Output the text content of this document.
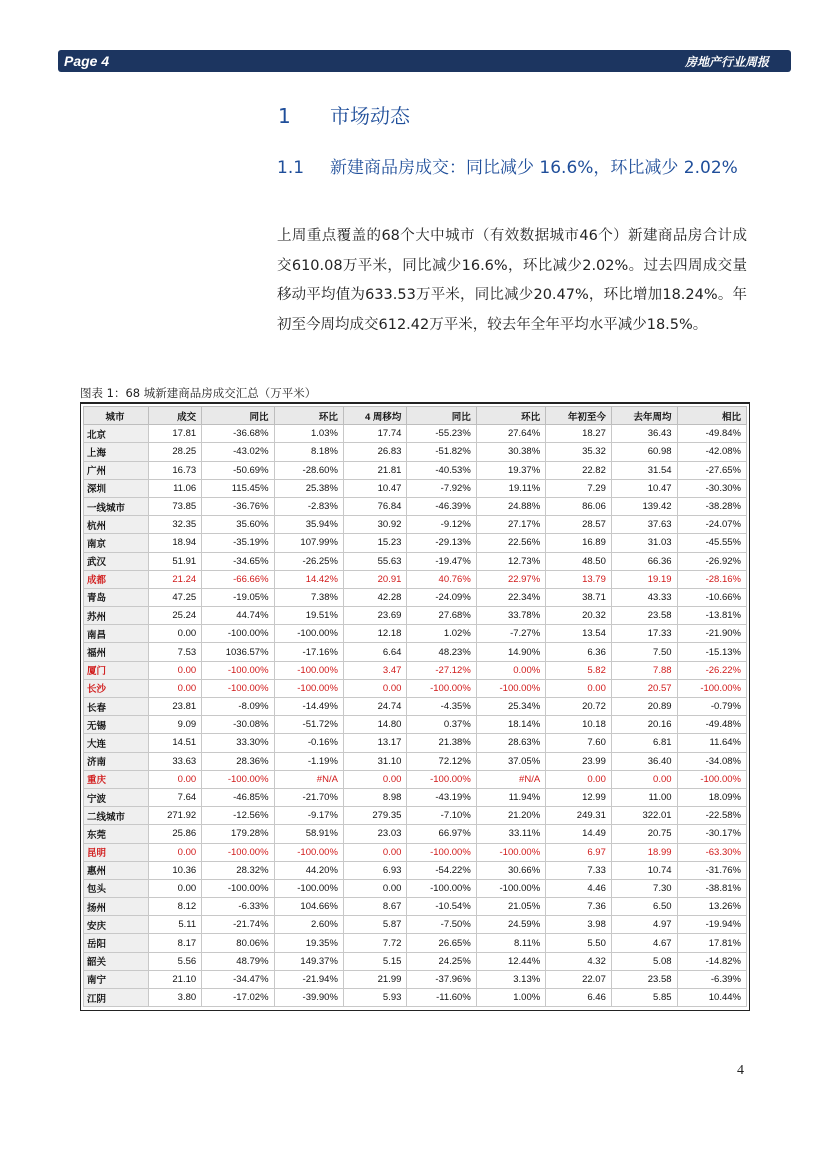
Page 4	房地产行业周报
1 市场动态
1.1 新建商品房成交：同比减少 16.6%，环比减少 2.02%
上周重点覆盖的68个大中城市（有效数据城市46个）新建商品房合计成交610.08万平米，同比减少16.6%，环比减少2.02%。过去四周成交量移动平均值为633.53万平米，同比减少20.47%，环比增加18.24%。年初至今周均成交612.42万平米，较去年全年平均水平减少18.5%。
图表 1：68 城新建商品房成交汇总（万平米）
城市	成交	同比	环比	4 周移均	同比	环比	年初至今	去年周均	相比
北京	17.81	-36.68%	1.03%	17.74	-55.23%	27.64%	18.27	36.43	-49.84%
上海	28.25	-43.02%	8.18%	26.83	-51.82%	30.38%	35.32	60.98	-42.08%
广州	16.73	-50.69%	-28.60%	21.81	-40.53%	19.37%	22.82	31.54	-27.65%
深圳	11.06	115.45%	25.38%	10.47	-7.92%	19.11%	7.29	10.47	-30.30%
一线城市	73.85	-36.76%	-2.83%	76.84	-46.39%	24.88%	86.06	139.42	-38.28%
杭州	32.35	35.60%	35.94%	30.92	-9.12%	27.17%	28.57	37.63	-24.07%
南京	18.94	-35.19%	107.99%	15.23	-29.13%	22.56%	16.89	31.03	-45.55%
武汉	51.91	-34.65%	-26.25%	55.63	-19.47%	12.73%	48.50	66.36	-26.92%
成都	21.24	-66.66%	14.42%	20.91	40.76%	22.97%	13.79	19.19	-28.16%
青岛	47.25	-19.05%	7.38%	42.28	-24.09%	22.34%	38.71	43.33	-10.66%
苏州	25.24	44.74%	19.51%	23.69	27.68%	33.78%	20.32	23.58	-13.81%
南昌	0.00	-100.00%	-100.00%	12.18	1.02%	-7.27%	13.54	17.33	-21.90%
福州	7.53	1036.57%	-17.16%	6.64	48.23%	14.90%	6.36	7.50	-15.13%
厦门	0.00	-100.00%	-100.00%	3.47	-27.12%	0.00%	5.82	7.88	-26.22%
长沙	0.00	-100.00%	-100.00%	0.00	-100.00%	-100.00%	0.00	20.57	-100.00%
长春	23.81	-8.09%	-14.49%	24.74	-4.35%	25.34%	20.72	20.89	-0.79%
无锡	9.09	-30.08%	-51.72%	14.80	0.37%	18.14%	10.18	20.16	-49.48%
大连	14.51	33.30%	-0.16%	13.17	21.38%	28.63%	7.60	6.81	11.64%
济南	33.63	28.36%	-1.19%	31.10	72.12%	37.05%	23.99	36.40	-34.08%
重庆	0.00	-100.00%	#N/A	0.00	-100.00%	#N/A	0.00	0.00	-100.00%
宁波	7.64	-46.85%	-21.70%	8.98	-43.19%	11.94%	12.99	11.00	18.09%
二线城市	271.92	-12.56%	-9.17%	279.35	-7.10%	21.20%	249.31	322.01	-22.58%
东莞	25.86	179.28%	58.91%	23.03	66.97%	33.11%	14.49	20.75	-30.17%
昆明	0.00	-100.00%	-100.00%	0.00	-100.00%	-100.00%	6.97	18.99	-63.30%
惠州	10.36	28.32%	44.20%	6.93	-54.22%	30.66%	7.33	10.74	-31.76%
包头	0.00	-100.00%	-100.00%	0.00	-100.00%	-100.00%	4.46	7.30	-38.81%
扬州	8.12	-6.33%	104.66%	8.67	-10.54%	21.05%	7.36	6.50	13.26%
安庆	5.11	-21.74%	2.60%	5.87	-7.50%	24.59%	3.98	4.97	-19.94%
岳阳	8.17	80.06%	19.35%	7.72	26.65%	8.11%	5.50	4.67	17.81%
韶关	5.56	48.79%	149.37%	5.15	24.25%	12.44%	4.32	5.08	-14.82%
南宁	21.10	-34.47%	-21.94%	21.99	-37.96%	3.13%	22.07	23.58	-6.39%
江阴	3.80	-17.02%	-39.90%	5.93	-11.60%	1.00%	6.46	5.85	10.44%
4
